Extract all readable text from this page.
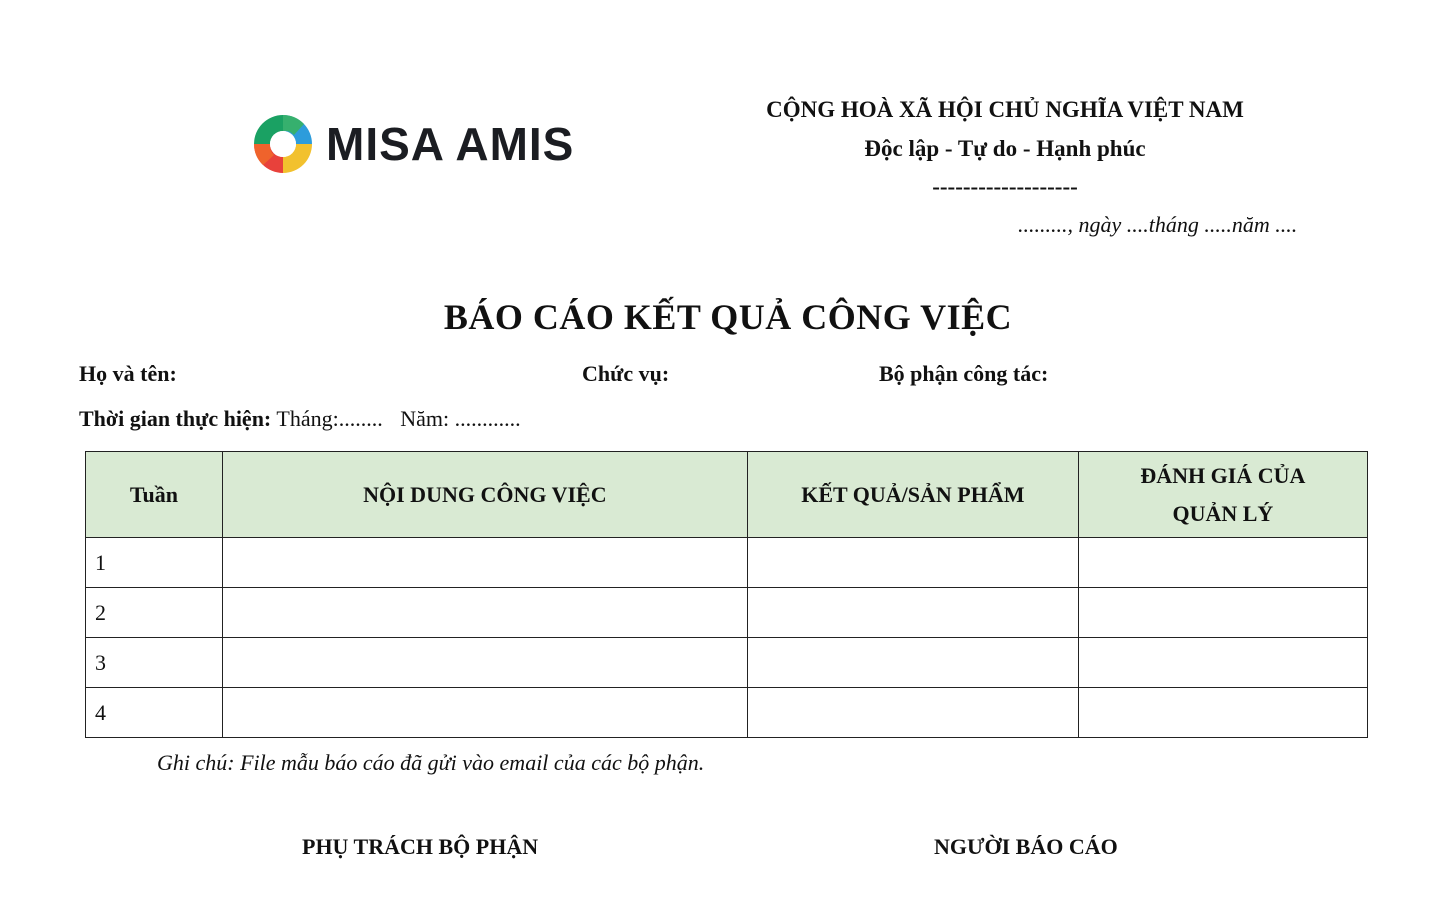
MISA AMIS
CỘNG HOÀ XÃ HỘI CHỦ NGHĨA VIỆT NAM
Độc lập - Tự do - Hạnh phúc
-------------------
........., ngày ....tháng .....năm ....
BÁO CÁO KẾT QUẢ CÔNG VIỆC
Họ và tên:	Chức vụ:	Bộ phận công tác:
Thời gian thực hiện: Tháng:........ Năm: ............
Tuần	NỘI DUNG CÔNG VIỆC	KẾT QUẢ/SẢN PHẨM	ĐÁNH GIÁ CỦA
QUẢN LÝ
1			
2			
3			
4			
Ghi chú: File mẫu báo cáo đã gửi vào email của các bộ phận.
PHỤ TRÁCH BỘ PHẬN	NGƯỜI BÁO CÁO
